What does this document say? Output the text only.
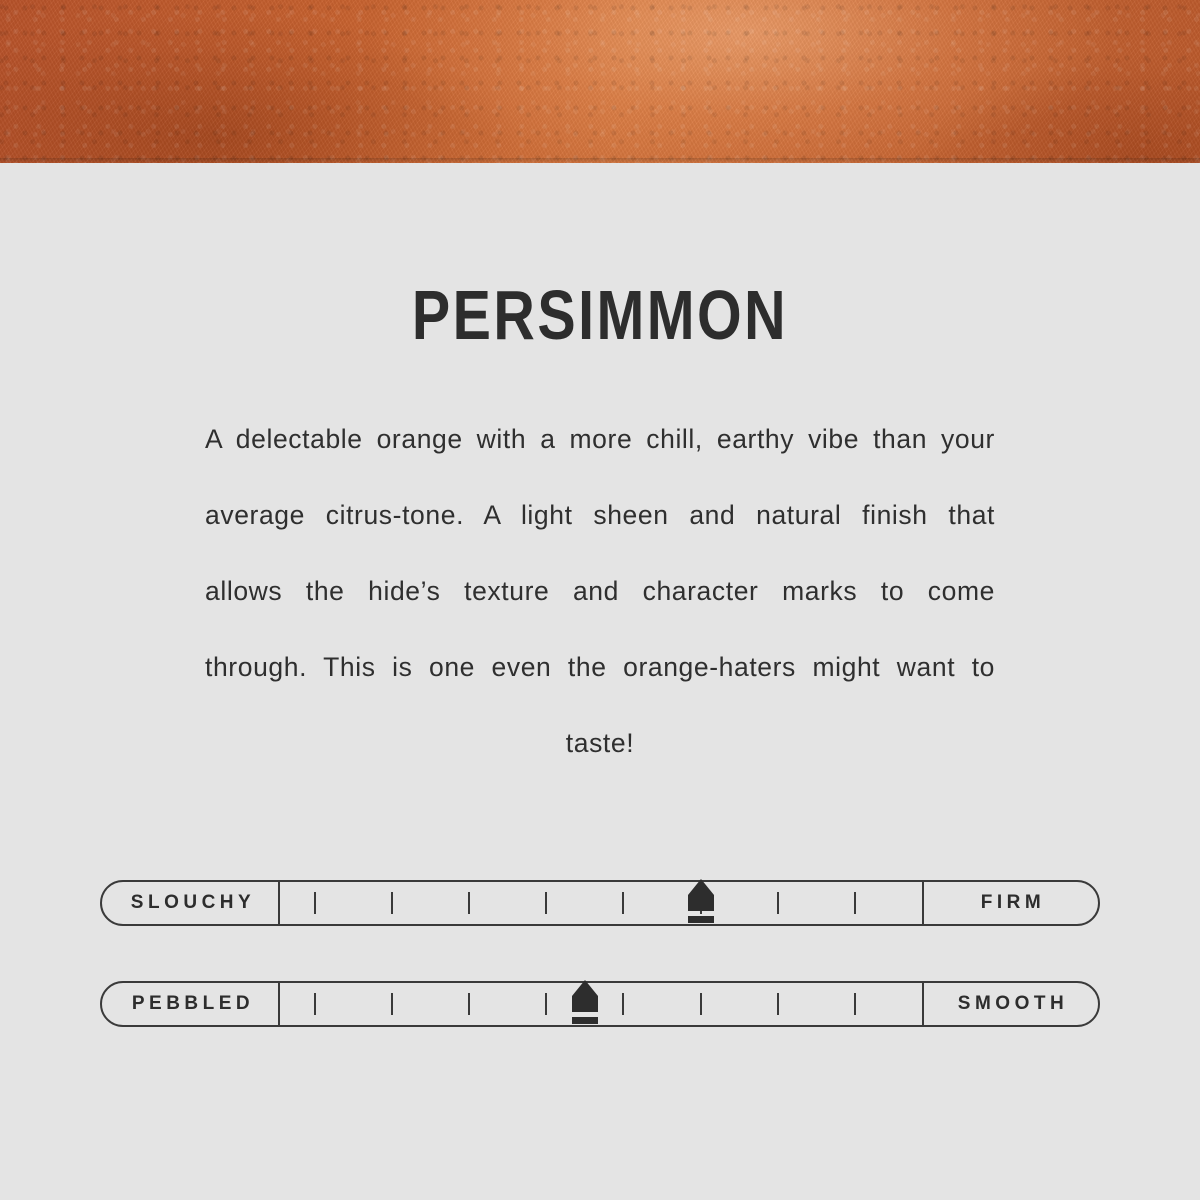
PERSIMMON

A delectable orange with a more chill, earthy vibe than your average citrus-tone. A light sheen and natural finish that allows the hide’s texture and character marks to come through. This is one even the orange-haters might want to taste!

SLOUCHY	FIRM
PEBBLED	SMOOTH
